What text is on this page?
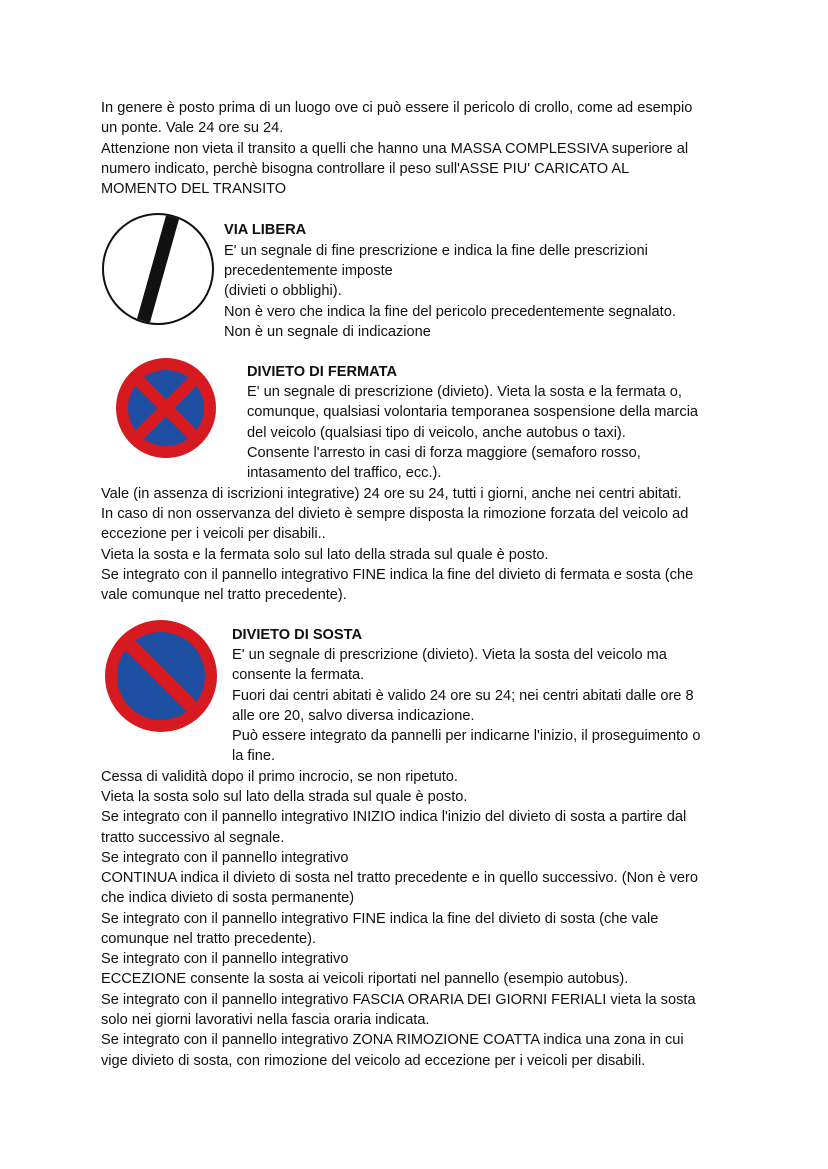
In genere è posto prima di un luogo ove ci può essere il pericolo di crollo, come ad esempio
un ponte. Vale 24 ore su 24.
Attenzione non vieta il transito a quelli che hanno una MASSA COMPLESSIVA superiore al
numero indicato, perchè bisogna controllare il peso sull'ASSE PIU' CARICATO AL
MOMENTO DEL TRANSITO
VIA LIBERA
E' un segnale di fine prescrizione e indica la fine delle prescrizioni
precedentemente imposte
(divieti o obblighi).
Non è vero che indica la fine del pericolo precedentemente segnalato.
Non è un segnale di indicazione
DIVIETO DI FERMATA
E' un segnale di prescrizione (divieto). Vieta la sosta e la fermata o,
comunque, qualsiasi volontaria temporanea sospensione della marcia
del veicolo (qualsiasi tipo di veicolo, anche autobus o taxi).
Consente l'arresto in casi di forza maggiore (semaforo rosso,
intasamento del traffico, ecc.).
Vale (in assenza di iscrizioni integrative) 24 ore su 24, tutti i giorni, anche nei centri abitati.
In caso di non osservanza del divieto è sempre disposta la rimozione forzata del veicolo ad
eccezione per i veicoli per disabili..
Vieta la sosta e la fermata solo sul lato della strada sul quale è posto.
Se integrato con il pannello integrativo FINE indica la fine del divieto di fermata e sosta (che
vale comunque nel tratto precedente).
DIVIETO DI SOSTA
E' un segnale di prescrizione (divieto). Vieta la sosta del veicolo ma
consente la fermata.
Fuori dai centri abitati è valido 24 ore su 24; nei centri abitati dalle ore 8
alle ore 20, salvo diversa indicazione.
Può essere integrato da pannelli per indicarne l'inizio, il proseguimento o
la fine.
Cessa di validità dopo il primo incrocio, se non ripetuto.
Vieta la sosta solo sul lato della strada sul quale è posto.
Se integrato con il pannello integrativo INIZIO indica l'inizio del divieto di sosta a partire dal
tratto successivo al segnale.
Se integrato con il pannello integrativo
CONTINUA indica il divieto di sosta nel tratto precedente e in quello successivo. (Non è vero
che indica divieto di sosta permanente)
Se integrato con il pannello integrativo FINE indica la fine del divieto di sosta (che vale
comunque nel tratto precedente).
Se integrato con il pannello integrativo
ECCEZIONE consente la sosta ai veicoli riportati nel pannello (esempio autobus).
Se integrato con il pannello integrativo FASCIA ORARIA DEI GIORNI FERIALI vieta la sosta
solo nei giorni lavorativi nella fascia oraria indicata.
Se integrato con il pannello integrativo ZONA RIMOZIONE COATTA indica una zona in cui
vige divieto di sosta, con rimozione del veicolo ad eccezione per i veicoli per disabili.
